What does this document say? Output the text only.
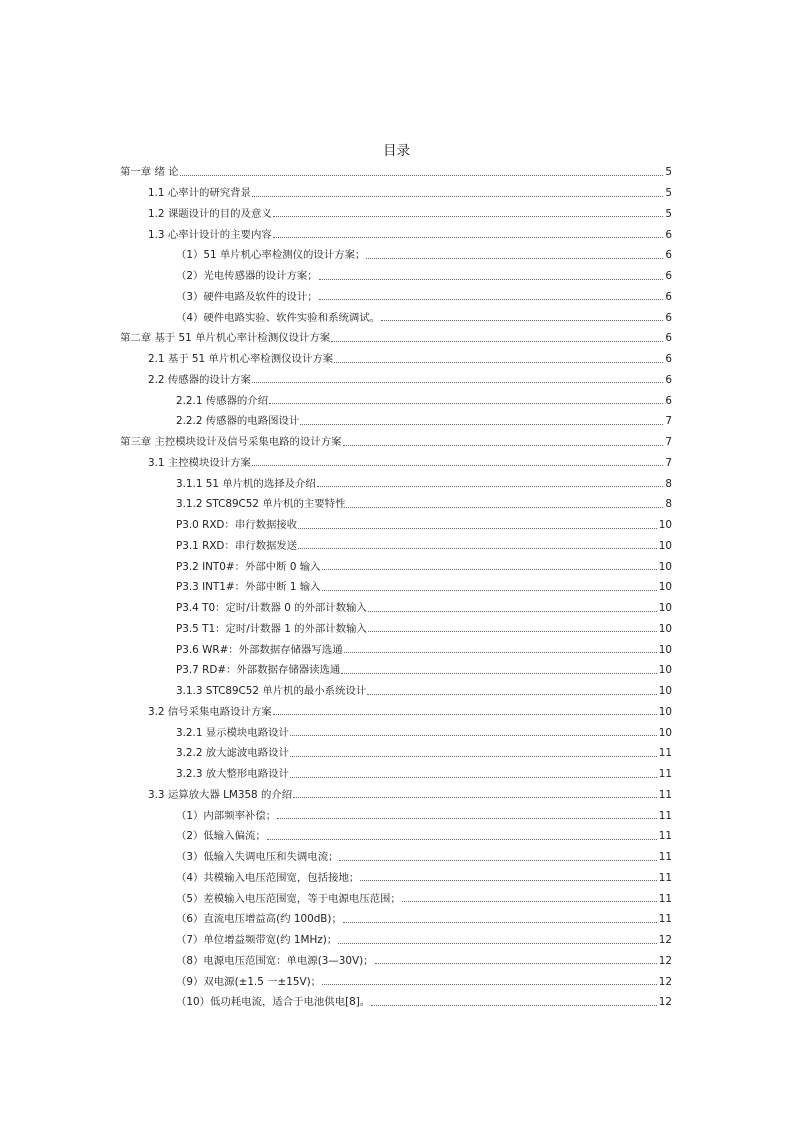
目录
第一章 绪 论	5
1.1 心率计的研究背景	5
1.2 课题设计的目的及意义	5
1.3 心率计设计的主要内容	6
（1）51 单片机心率检测仪的设计方案；	6
（2）光电传感器的设计方案；	6
（3）硬件电路及软件的设计；	6
（4）硬件电路实验、软件实验和系统调试。	6
第二章 基于 51 单片机心率计检测仪设计方案	6
2.1 基于 51 单片机心率检测仪设计方案	6
2.2 传感器的设计方案	6
2.2.1 传感器的介绍	6
2.2.2 传感器的电路图设计	7
第三章 主控模块设计及信号采集电路的设计方案	7
3.1 主控模块设计方案	7
3.1.1 51 单片机的选择及介绍	8
3.1.2 STC89C52 单片机的主要特性	8
P3.0 RXD：串行数据接收	10
P3.1 RXD：串行数据发送	10
P3.2 INT0#：外部中断 0 输入	10
P3.3 INT1#：外部中断 1 输入	10
P3.4 T0：定时/计数器 0 的外部计数输入	10
P3.5 T1：定时/计数器 1 的外部计数输入	10
P3.6 WR#：外部数据存储器写选通	10
P3.7 RD#：外部数据存储器读选通	10
3.1.3 STC89C52 单片机的最小系统设计	10
3.2 信号采集电路设计方案	10
3.2.1 显示模块电路设计	10
3.2.2 放大滤波电路设计	11
3.2.3 放大整形电路设计	11
3.3 运算放大器 LM358 的介绍	11
（1）内部频率补偿；	11
（2）低输入偏流；	11
（3）低输入失调电压和失调电流；	11
（4）共模输入电压范围宽，包括接地；	11
（5）差模输入电压范围宽，等于电源电压范围；	11
（6）直流电压增益高(约 100dB)；	11
（7）单位增益频带宽(约 1MHz)；	12
（8）电源电压范围宽：单电源(3—30V)；	12
（9）双电源(±1.5 一±15V)；	12
（10）低功耗电流，适合于电池供电[8]。	12
